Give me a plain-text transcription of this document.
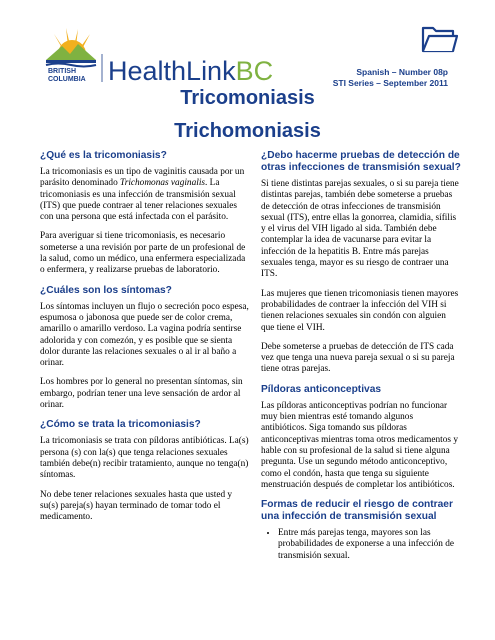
BRITISH
COLUMBIA HealthLinkBC	Spanish – Number 08p
STI Series – September 2011
Tricomoniasis
Trichomoniasis
¿Qué es la tricomoniasis?

La tricomoniasis es un tipo de vaginitis causada por un parásito denominado Trichomonas vaginalis. La tricomoniasis es una infección de transmisión sexual (ITS) que puede contraer al tener relaciones sexuales con una persona que está infectada con el parásito.

Para averiguar si tiene tricomoniasis, es necesario someterse a una revisión por parte de un profesional de la salud, como un médico, una enfermera especializada o enfermera, y realizarse pruebas de laboratorio.

¿Cuáles son los síntomas?

Los síntomas incluyen un flujo o secreción poco espesa, espumosa o jabonosa que puede ser de color crema, amarillo o amarillo verdoso. La vagina podría sentirse adolorida y con comezón, y es posible que se sienta dolor durante las relaciones sexuales o al ir al baño a orinar.

Los hombres por lo general no presentan síntomas, sin embargo, podrían tener una leve sensación de ardor al orinar.

¿Cómo se trata la tricomoniasis?

La tricomoniasis se trata con píldoras antibióticas. La(s) persona (s) con la(s) que tenga relaciones sexuales también debe(n) recibir tratamiento, aunque no tenga(n) síntomas.

No debe tener relaciones sexuales hasta que usted y su(s) pareja(s) hayan terminado de tomar todo el medicamento.

¿Debo hacerme pruebas de detección de otras infecciones de transmisión sexual?

Si tiene distintas parejas sexuales, o si su pareja tiene distintas parejas, también debe someterse a pruebas de detección de otras infecciones de transmisión sexual (ITS), entre ellas la gonorrea, clamidia, sífilis y el virus del VIH ligado al sida. También debe contemplar la idea de vacunarse para evitar la infección de la hepatitis B. Entre más parejas sexuales tenga, mayor es su riesgo de contraer una ITS.

Las mujeres que tienen tricomoniasis tienen mayores probabilidades de contraer la infección del VIH si tienen relaciones sexuales sin condón con alguien que tiene el VIH.

Debe someterse a pruebas de detección de ITS cada vez que tenga una nueva pareja sexual o si su pareja tiene otras parejas.

Píldoras anticonceptivas

Las píldoras anticonceptivas podrían no funcionar muy bien mientras esté tomando algunos antibióticos. Siga tomando sus píldoras anticonceptivas mientras toma otros medicamentos y hable con su profesional de la salud si tiene alguna pregunta. Use un segundo método anticonceptivo, como el condón, hasta que tenga su siguiente menstruación después de completar los antibióticos.

Formas de reducir el riesgo de contraer una infección de transmisión sexual
• Entre más parejas tenga, mayores son las probabilidades de exponerse a una infección de transmisión sexual.
